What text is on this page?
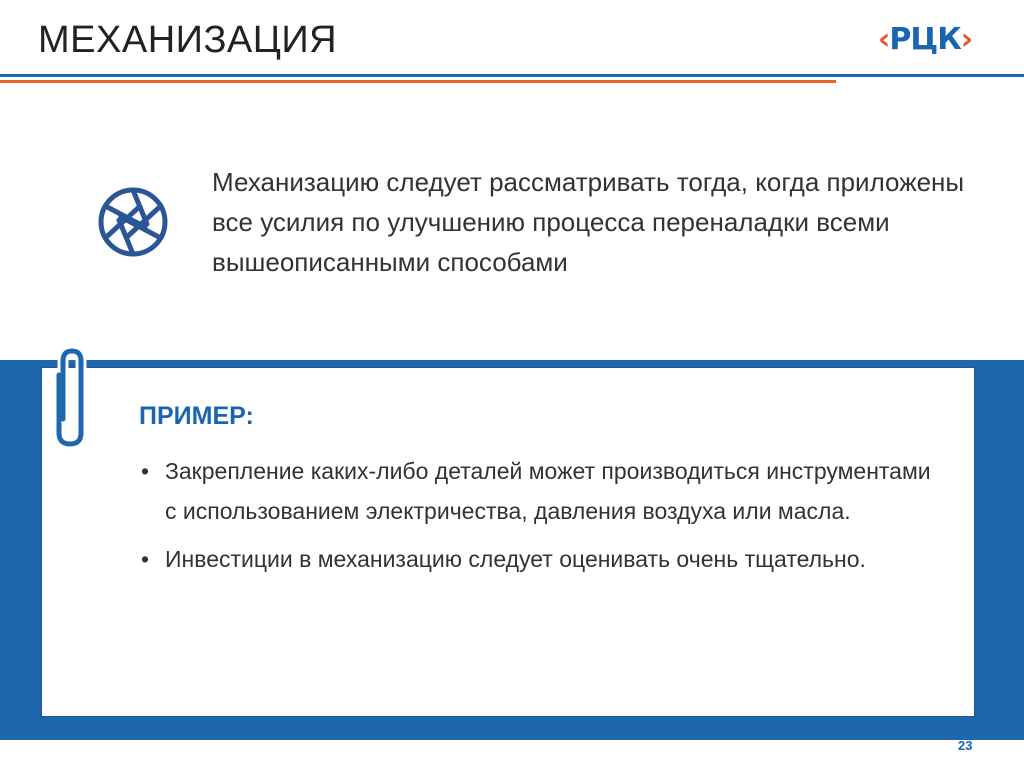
МЕХАНИЗАЦИЯ	‹РЦК›
Механизацию следует рассматривать тогда, когда приложены все усилия по улучшению процесса переналадки всеми вышеописанными способами
ПРИМЕР:
• Закрепление каких-либо деталей может производиться инструментами с использованием электричества, давления воздуха или масла.
• Инвестиции в механизацию следует оценивать очень тщательно.
23
